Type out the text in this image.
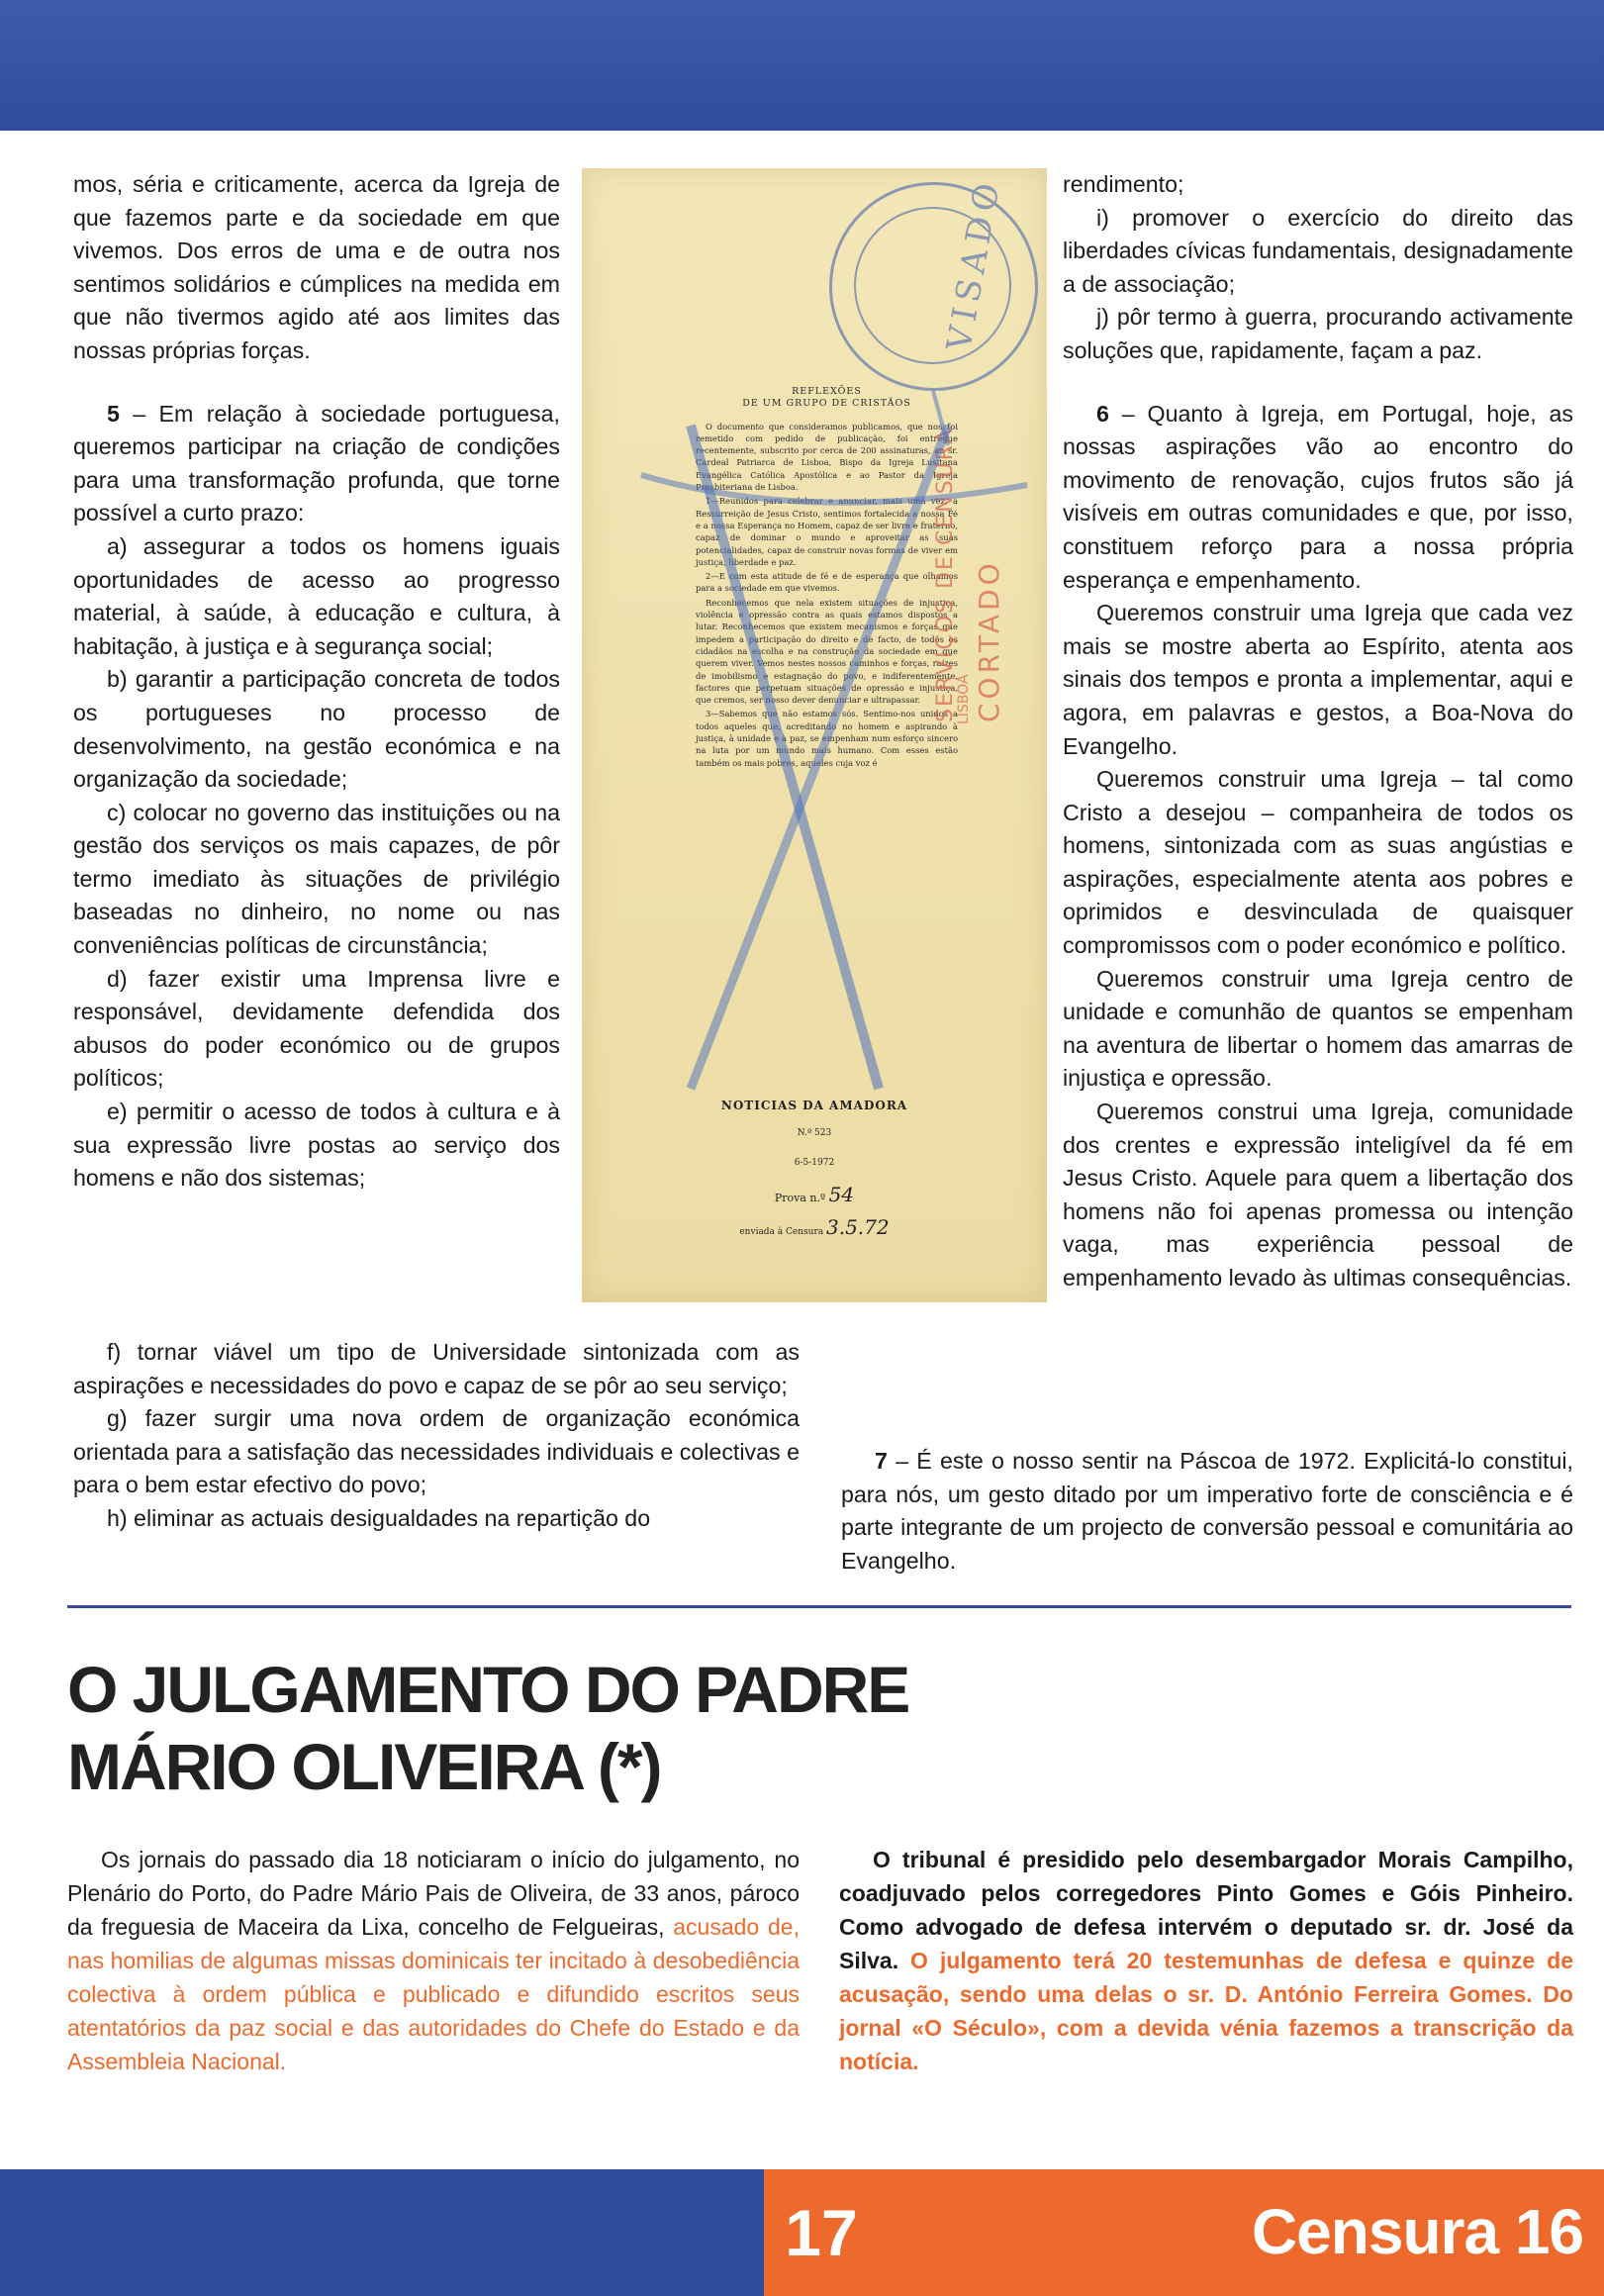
mos, séria e criticamente, acerca da Igreja de que fazemos parte e da sociedade em que vivemos. Dos erros de uma e de outra nos sentimos solidários e cúmplices na medida em que não tivermos agido até aos limites das nossas próprias forças.

5 – Em relação à sociedade portuguesa, queremos participar na criação de condições para uma transformação profunda, que torne possível a curto prazo:

a) assegurar a todos os homens iguais oportunidades de acesso ao progresso material, à saúde, à educação e cultura, à habitação, à justiça e à segurança social;

b) garantir a participação concreta de todos os portugueses no processo de desenvolvimento, na gestão económica e na organização da sociedade;

c) colocar no governo das instituições ou na gestão dos serviços os mais capazes, de pôr termo imediato às situações de privilégio baseadas no dinheiro, no nome ou nas conveniências políticas de circunstância;

d) fazer existir uma Imprensa livre e responsável, devidamente defendida dos abusos do poder económico ou de grupos políticos;

e) permitir o acesso de todos à cultura e à sua expressão livre postas ao serviço dos homens e não dos sistemas;

f) tornar viável um tipo de Universidade sintonizada com as aspirações e necessidades do povo e capaz de se pôr ao seu serviço;

g) fazer surgir uma nova ordem de organização económica orientada para a satisfação das necessidades individuais e colectivas e para o bem estar efectivo do povo;

h) eliminar as actuais desigualdades na repartição do

VISADO
REFLEXÕES
DE UM GRUPO DE CRISTÃOS

O documento que consideramos publicamos, que nos foi remetido com pedido de publicação, foi entregue recentemente, subscrito por cerca de 200 assinaturas, ao sr. Cardeal Patriarca de Lisboa, Bispo da Igreja Lusitana Evangélica Católica Apostólica e ao Pastor da Igreja Presbiteriana de Lisboa.

1—Reunidos para celebrar e anunciar, mais uma vez, a Ressurreição de Jesus Cristo, sentimos fortalecida a nossa Fé e a nossa Esperança no Homem, capaz de ser livre e fraterno, capaz de dominar o mundo e aproveitar as suas potencialidades, capaz de construir novas formas de viver em justiça, liberdade e paz.

2—E com esta atitude de fé e de esperança que olhamos para a sociedade em que vivemos.

Reconhecemos que nela existem situações de injustiça, violência e opressão contra as quais estamos dispostos a lutar. Reconhecemos que existem mecanismos e forças que impedem a participação do direito e de facto, de todos os cidadãos na escolha e na construção da sociedade em que querem viver. Vemos nestes nossos caminhos e forças, raízes de imobilismo e estagnação do povo, e indiferentemente, factores que perpetuam situações de opressão e injustiça, que cremos, ser nosso dever denunciar e ultrapassar.

3—Sabemos que não estamos sós. Sentimo-nos unidos a todos aqueles que, acreditando no homem e aspirando à justiça, à unidade e à paz, se empenham num esforço sincero na luta por um mundo mais humano. Com esses estão também os mais pobres, aqueles cuja voz é

NOTICIAS DA AMADORA
N.º 523
6-5-1972
Prova n.º 54
enviada à Censura 3.5.72
SERVIÇOS DE CENSURA
LISBOA CORTADO

rendimento;

i) promover o exercício do direito das liberdades cívicas fundamentais, designadamente a de associação;

j) pôr termo à guerra, procurando activamente soluções que, rapidamente, façam a paz.

6 – Quanto à Igreja, em Portugal, hoje, as nossas aspirações vão ao encontro do movimento de renovação, cujos frutos são já visíveis em outras comunidades e que, por isso, constituem reforço para a nossa própria esperança e empenhamento.

Queremos construir uma Igreja que cada vez mais se mostre aberta ao Espírito, atenta aos sinais dos tempos e pronta a implementar, aqui e agora, em palavras e gestos, a Boa-Nova do Evangelho.

Queremos construir uma Igreja – tal como Cristo a desejou – companheira de todos os homens, sintonizada com as suas angústias e aspirações, especialmente atenta aos pobres e oprimidos e desvinculada de quaisquer compromissos com o poder económico e político.

Queremos construir uma Igreja centro de unidade e comunhão de quantos se empenham na aventura de libertar o homem das amarras de injustiça e opressão.

Queremos construi uma Igreja, comunidade dos crentes e expressão inteligível da fé em Jesus Cristo. Aquele para quem a libertação dos homens não foi apenas promessa ou intenção vaga, mas experiência pessoal de empenhamento levado às ultimas consequências.

7 – É este o nosso sentir na Páscoa de 1972. Explicitá-lo constitui, para nós, um gesto ditado por um imperativo forte de consciência e é parte integrante de um projecto de conversão pessoal e comunitária ao Evangelho.

O JULGAMENTO DO PADRE
MÁRIO OLIVEIRA (*)

Os jornais do passado dia 18 noticiaram o início do julgamento, no Plenário do Porto, do Padre Mário Pais de Oliveira, de 33 anos, pároco da freguesia de Maceira da Lixa, concelho de Felgueiras, acusado de, nas homilias de algumas missas dominicais ter incitado à desobediência colectiva à ordem pública e publicado e difundido escritos seus atentatórios da paz social e das autoridades do Chefe do Estado e da Assembleia Nacional.

O tribunal é presidido pelo desembargador Morais Campilho, coadjuvado pelos corregedores Pinto Gomes e Góis Pinheiro. Como advogado de defesa intervém o deputado sr. dr. José da Silva. O julgamento terá 20 testemunhas de defesa e quinze de acusação, sendo uma delas o sr. D. António Ferreira Gomes. Do jornal «O Século», com a devida vénia fazemos a transcrição da notícia.

17	Censura 16
